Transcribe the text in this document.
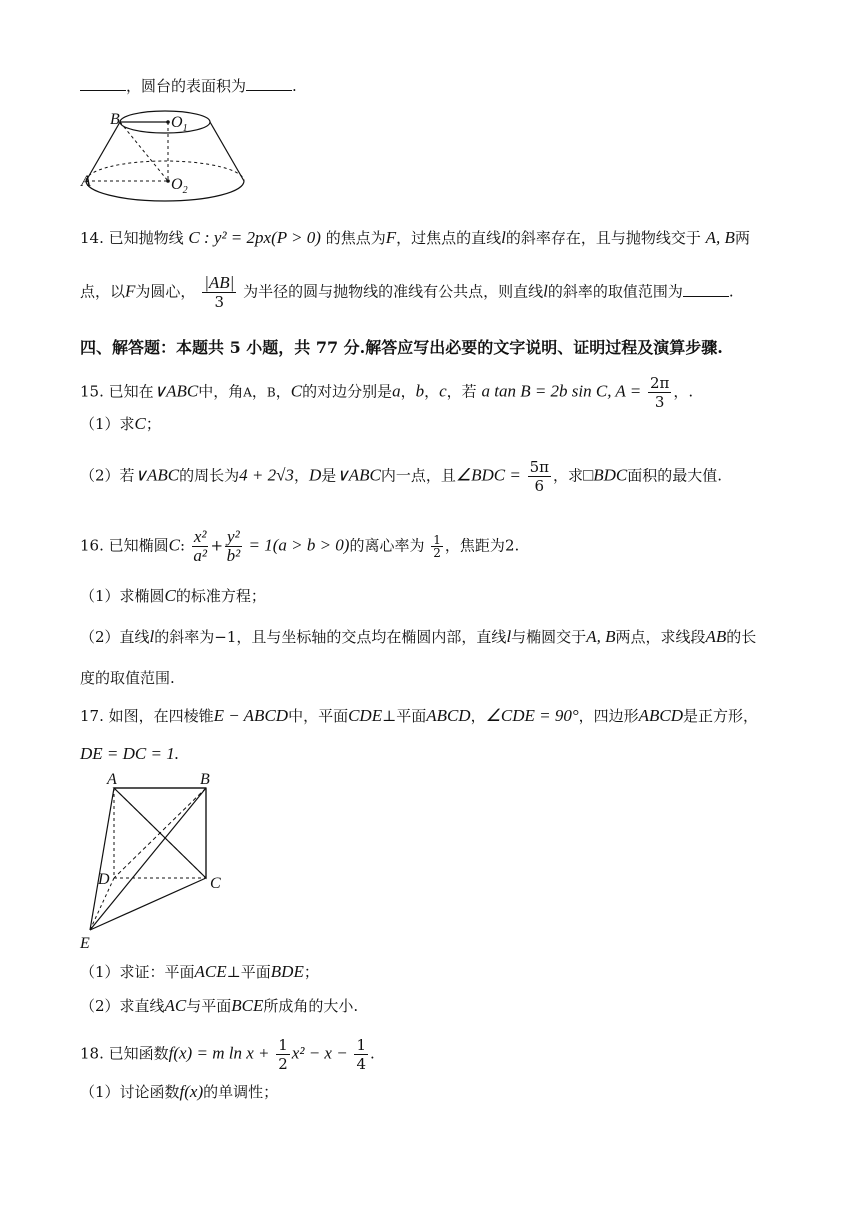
，圆台的表面积为	.
B
A
$O_1$
$O_2$
14. 已知抛物线 C : y² = 2px(P > 0) 的焦点为F，过焦点的直线l的斜率存在，且与抛物线交于 A, B两
点，以F为圆心， $\frac{|AB|}{3}$ 为半径的圆与抛物线的准线有公共点，则直线l的斜率的取值范围为	.
四、解答题：本题共 5 小题，共 77 分.解答应写出必要的文字说明、证明过程及演算步骤.
15. 已知在∨ABC中，角A，B，C的对边分别是a，b，c，若 a tan B = 2b sin C, $A = \frac{2\pi}{3}$ ，.
（1）求C；
（2）若∨ABC的周长为4 + 2√3，D是∨ABC内一点，且∠BDC = $\frac{5\pi}{6}$ ，求□BDC面积的最大值.
16. 已知椭圆C: $\frac{\text{x²}}{\text{a²}} + \frac{\text{y²}}{\text{b²}} = 1(a > b > 0)$的离心率为 $\frac{1}{2}$ ，焦距为2.
（1）求椭圆C的标准方程；
（2）直线l的斜率为−1，且与坐标轴的交点均在椭圆内部，直线l与椭圆交于A, B两点，求线段AB的长
度的取值范围.
17. 如图，在四棱锥E − ABCD中，平面CDE⊥平面ABCD，∠CDE = 90°，四边形ABCD是正方形，
DE = DC = 1.
A	B
C
D
E
（1）求证：平面ACE⊥平面BDE；
（2）求直线AC与平面BCE所成角的大小.
18. 已知函数f(x) = m $\ln x + \frac{1}{2} x^2 - x - \frac{1}{4}$ .
（1）讨论函数f(x)的单调性；
